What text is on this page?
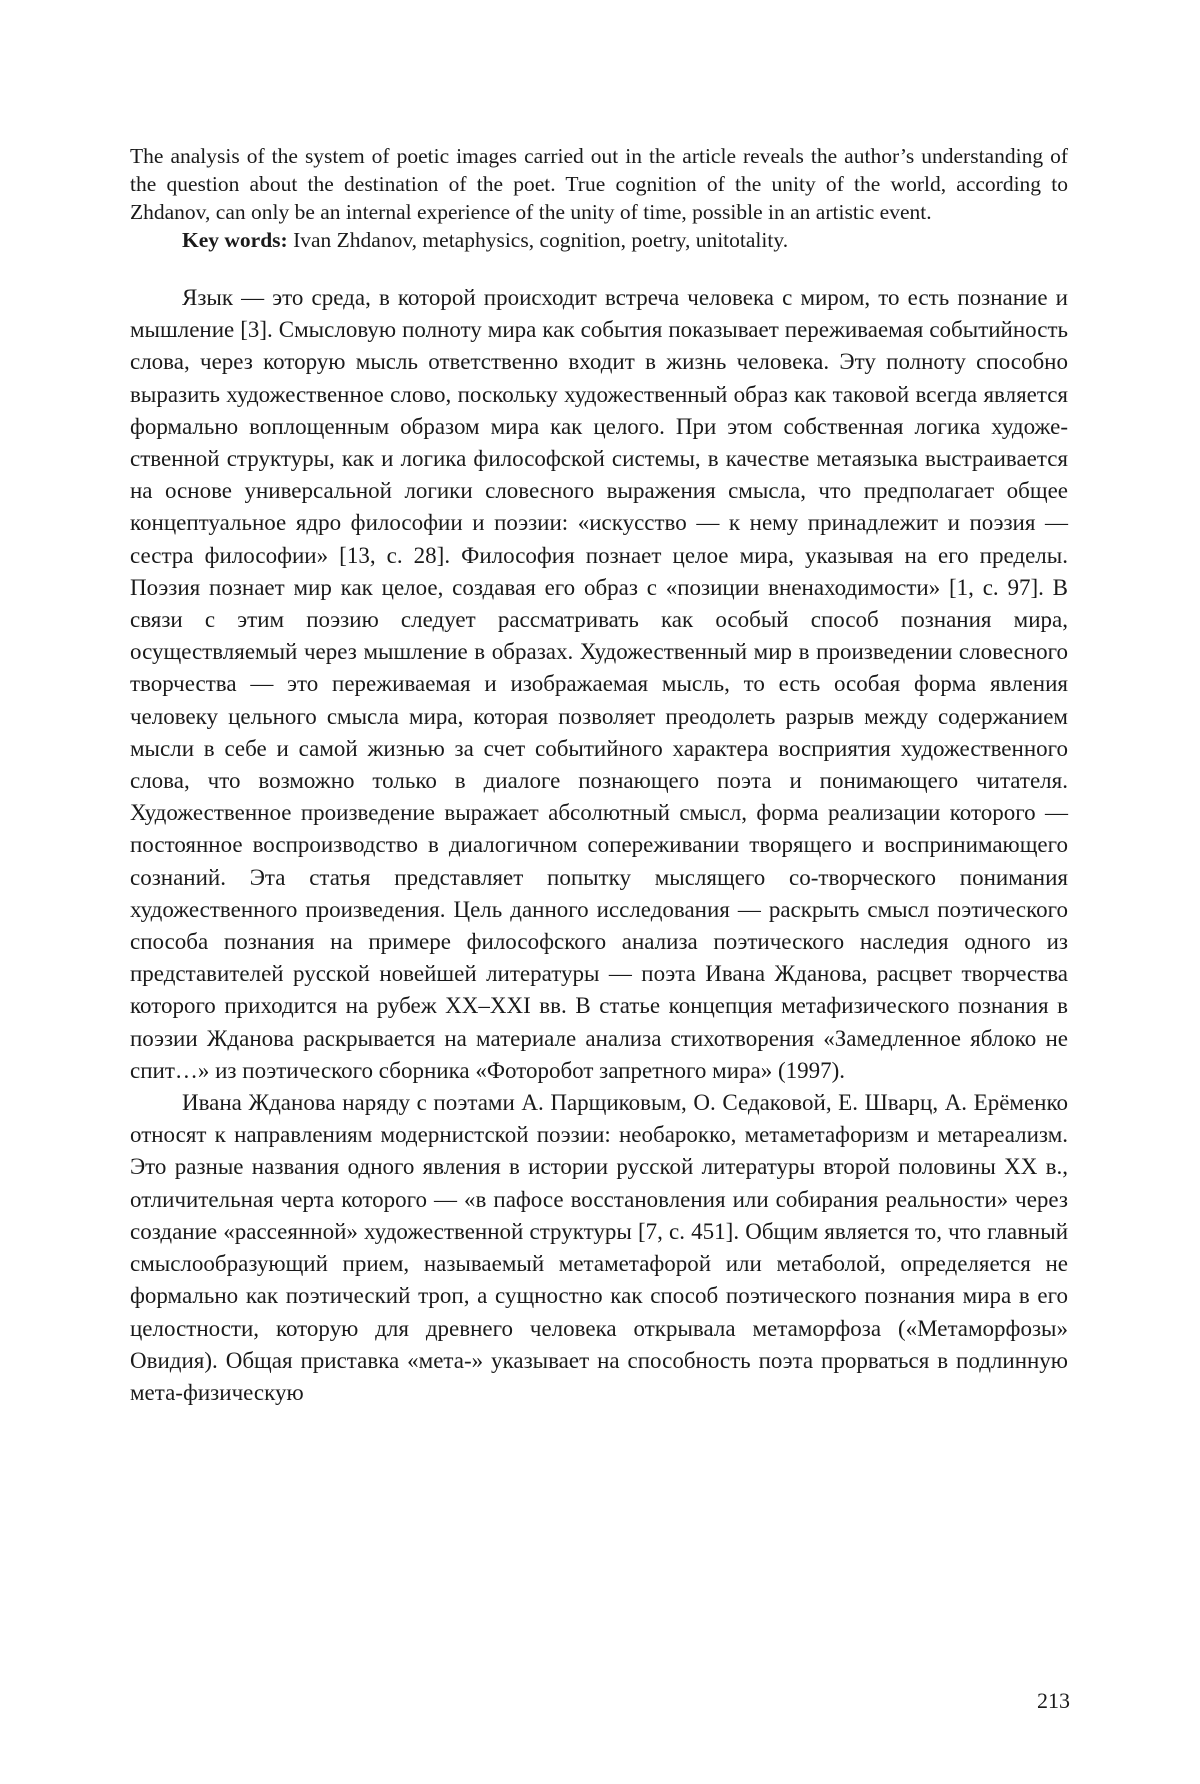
The analysis of the system of poetic images carried out in the article reveals the author’s understanding of the question about the destination of the poet. True cognition of the unity of the world, according to Zhdanov, can only be an internal experience of the unity of time, possible in an artistic event.

Key words: Ivan Zhdanov, metaphysics, cognition, poetry, unitotality.

Язык — это среда, в которой происходит встреча человека с миром, то есть познание и мышление [3]. Смысловую полноту мира как события показывает переживаемая событийность слова, через которую мысль ответственно входит в жизнь человека. Эту полноту способно выразить художественное слово, поскольку художественный образ как таковой всегда является формально воплощенным образом мира как целого. При этом собственная логика художественной структуры, как и логика философской системы, в качестве метаязыка выстраивается на основе универсальной логики словесного выражения смысла, что предполагает общее концептуальное ядро философии и поэзии: «искусство — к нему принадлежит и поэзия — сестра философии» [13, с. 28]. Философия познает целое мира, указывая на его пределы. Поэзия познает мир как целое, создавая его образ с «позиции вненаходимости» [1, с. 97]. В связи с этим поэзию следует рассматривать как особый способ познания мира, осуществляемый через мышление в образах. Художественный мир в произведении словесного творчества — это переживаемая и изображаемая мысль, то есть особая форма явления человеку цельного смысла мира, которая позволяет преодолеть разрыв между содержанием мысли в себе и самой жизнью за счет событийного характера восприятия художественного слова, что возможно только в диалоге познающего поэта и понимающего читателя. Художественное произведение выражает абсолютный смысл, форма реализации которого — постоянное воспроизводство в диалогичном сопереживании творящего и воспринимающего сознаний. Эта статья представляет попытку мыслящего со-творческого понимания художественного произведения. Цель данного исследования — раскрыть смысл поэтического способа познания на примере философского анализа поэтического наследия одного из представителей русской новейшей литературы — поэта Ивана Жданова, расцвет творчества которого приходится на рубеж XX–XXI вв. В статье концепция метафизического познания в поэзии Жданова раскрывается на материале анализа стихотворения «Замедленное яблоко не спит…» из поэтического сборника «Фоторобот запретного мира» (1997).

Ивана Жданова наряду с поэтами А. Парщиковым, О. Седаковой, Е. Шварц, А. Ерёменко относят к направлениям модернистской поэзии: необарокко, метаметафоризм и метареализм. Это разные названия одного явления в истории русской литературы второй половины XX в., отличительная черта которого — «в пафосе восстановления или собирания реальности» через создание «рассеянной» художественной структуры [7, с. 451]. Общим является то, что главный смыслообразующий прием, называемый метаметафорой или метаболой, определяется не формально как поэтический троп, а сущностно как способ поэтического познания мира в его целостности, которую для древнего человека открывала метаморфоза («Метаморфозы» Овидия). Общая приставка «мета-» указывает на способность поэта прорваться в подлинную мета-физическую

213
